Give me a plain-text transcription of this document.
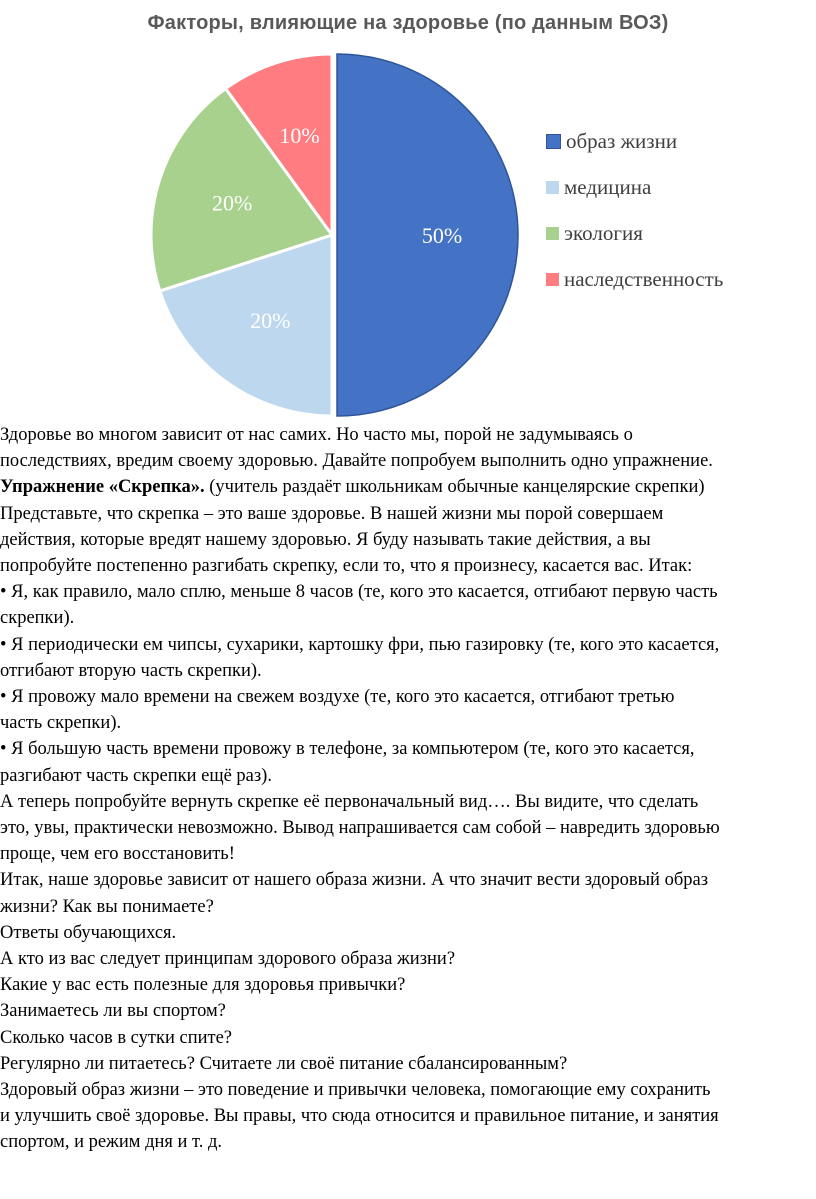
Факторы, влияющие на здоровье (по данным ВОЗ)
50%
20%
20%
10%	образ жизни
медицина
экология
наследственность

Здоровье во многом зависит от нас самих. Но часто мы, порой не задумываясь о

последствиях, вредим своему здоровью. Давайте попробуем выполнить одно упражнение.

Упражнение «Скрепка». (учитель раздаёт школьникам обычные канцелярские скрепки)

Представьте, что скрепка – это ваше здоровье. В нашей жизни мы порой совершаем

действия, которые вредят нашему здоровью. Я буду называть такие действия, а вы

попробуйте постепенно разгибать скрепку, если то, что я произнесу, касается вас. Итак:

• Я, как правило, мало сплю, меньше 8 часов (те, кого это касается, отгибают первую часть

скрепки).

• Я периодически ем чипсы, сухарики, картошку фри, пью газировку (те, кого это касается,

отгибают вторую часть скрепки).

• Я провожу мало времени на свежем воздухе (те, кого это касается, отгибают третью

часть скрепки).

• Я большую часть времени провожу в телефоне, за компьютером (те, кого это касается,

разгибают часть скрепки ещё раз).

А теперь попробуйте вернуть скрепке её первоначальный вид…. Вы видите, что сделать

это, увы, практически невозможно. Вывод напрашивается сам собой – навредить здоровью

проще, чем его восстановить!

Итак, наше здоровье зависит от нашего образа жизни. А что значит вести здоровый образ

жизни? Как вы понимаете?

Ответы обучающихся.

А кто из вас следует принципам здорового образа жизни?

Какие у вас есть полезные для здоровья привычки?

Занимаетесь ли вы спортом?

Сколько часов в сутки спите?

Регулярно ли питаетесь? Считаете ли своё питание сбалансированным?

Здоровый образ жизни – это поведение и привычки человека, помогающие ему сохранить

и улучшить своё здоровье. Вы правы, что сюда относится и правильное питание, и занятия

спортом, и режим дня и т. д.
